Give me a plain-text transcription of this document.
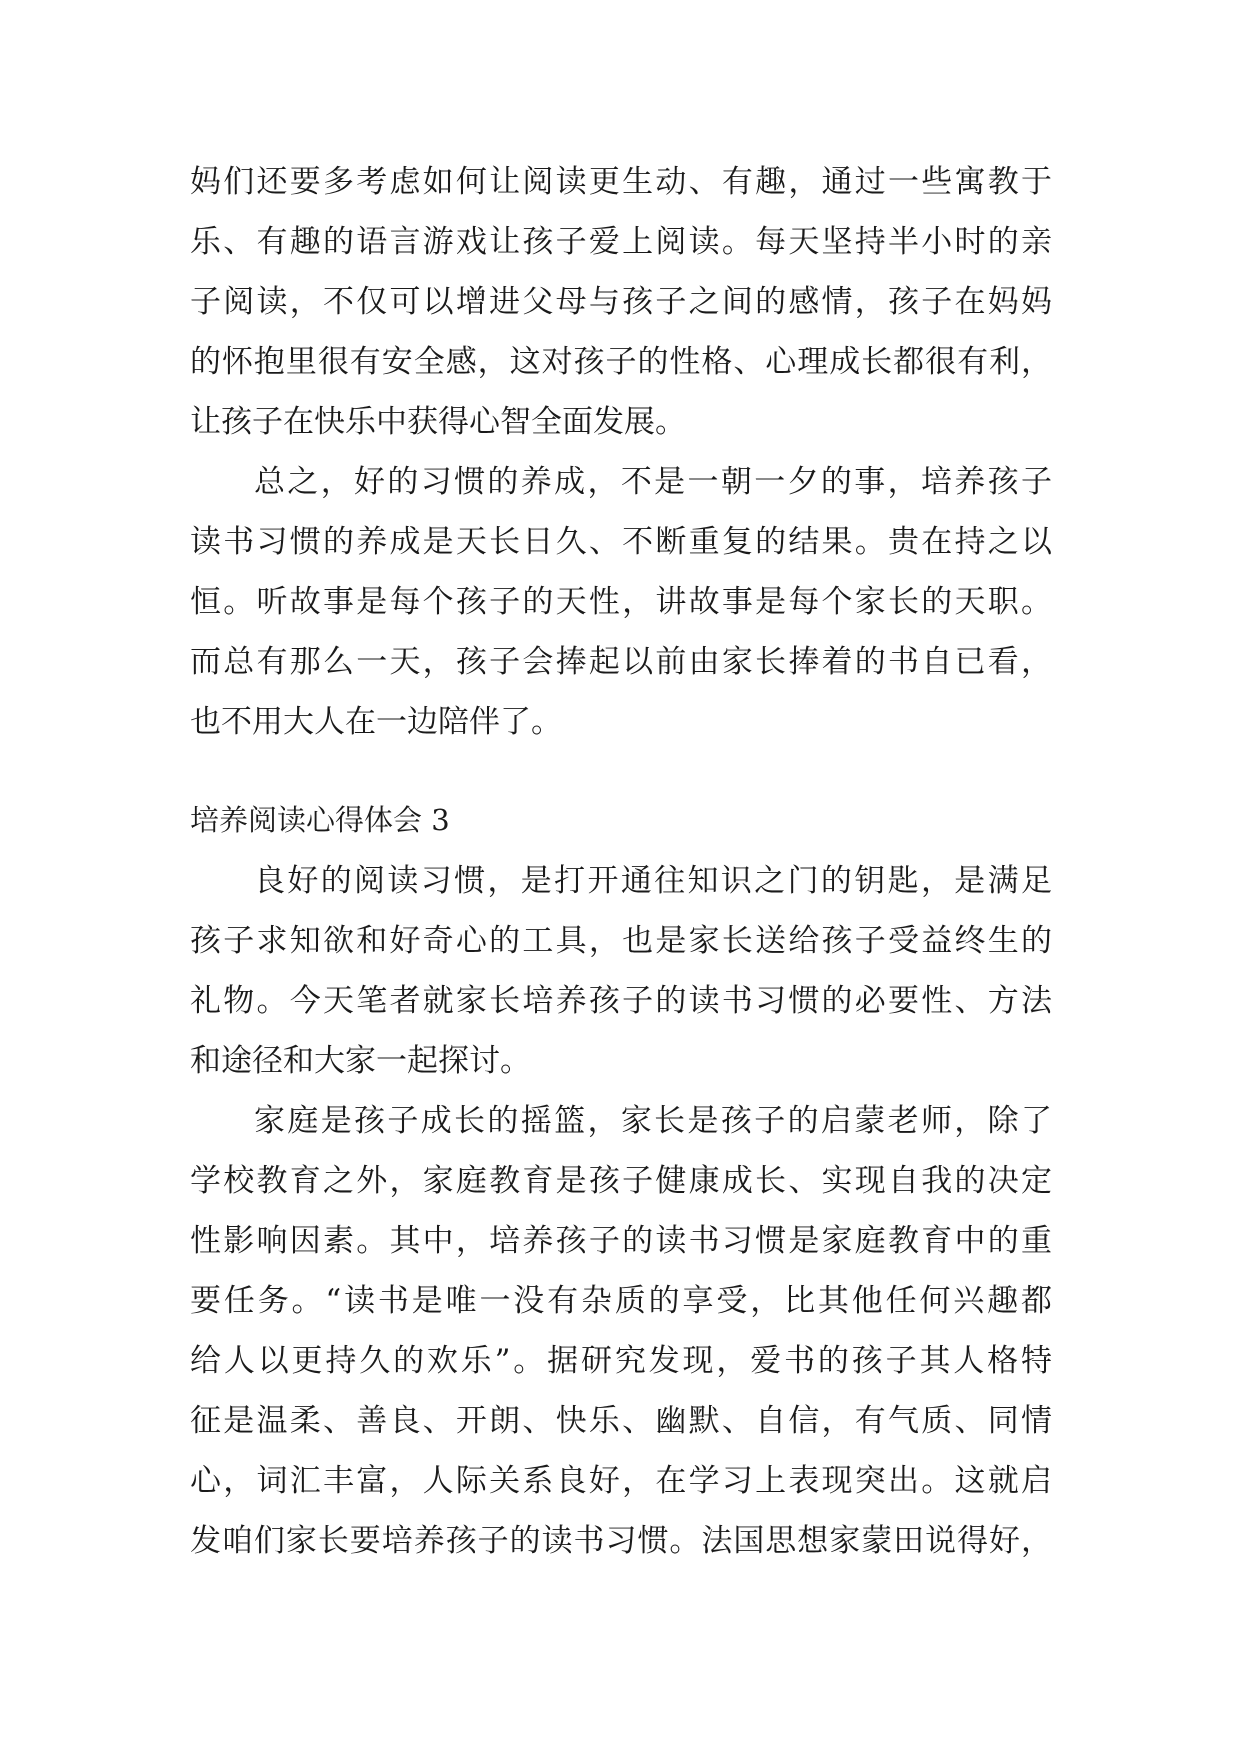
妈们还要多考虑如何让阅读更生动、有趣，通过一些寓教于
乐、有趣的语言游戏让孩子爱上阅读。每天坚持半小时的亲
子阅读，不仅可以增进父母与孩子之间的感情，孩子在妈妈
的怀抱里很有安全感，这对孩子的性格、心理成长都很有利，
让孩子在快乐中获得心智全面发展。
总之，好的习惯的养成，不是一朝一夕的事，培养孩子
读书习惯的养成是天长日久、不断重复的结果。贵在持之以
恒。听故事是每个孩子的天性，讲故事是每个家长的天职。
而总有那么一天，孩子会捧起以前由家长捧着的书自已看，
也不用大人在一边陪伴了。
培养阅读心得体会 3
良好的阅读习惯，是打开通往知识之门的钥匙，是满足
孩子求知欲和好奇心的工具，也是家长送给孩子受益终生的
礼物。今天笔者就家长培养孩子的读书习惯的必要性、方法
和途径和大家一起探讨。
家庭是孩子成长的摇篮，家长是孩子的启蒙老师，除了
学校教育之外，家庭教育是孩子健康成长、实现自我的决定
性影响因素。其中，培养孩子的读书习惯是家庭教育中的重
要任务。“读书是唯一没有杂质的享受，比其他任何兴趣都
给人以更持久的欢乐”。据研究发现，爱书的孩子其人格特
征是温柔、善良、开朗、快乐、幽默、自信，有气质、同情
心，词汇丰富，人际关系良好，在学习上表现突出。这就启
发咱们家长要培养孩子的读书习惯。法国思想家蒙田说得好，
